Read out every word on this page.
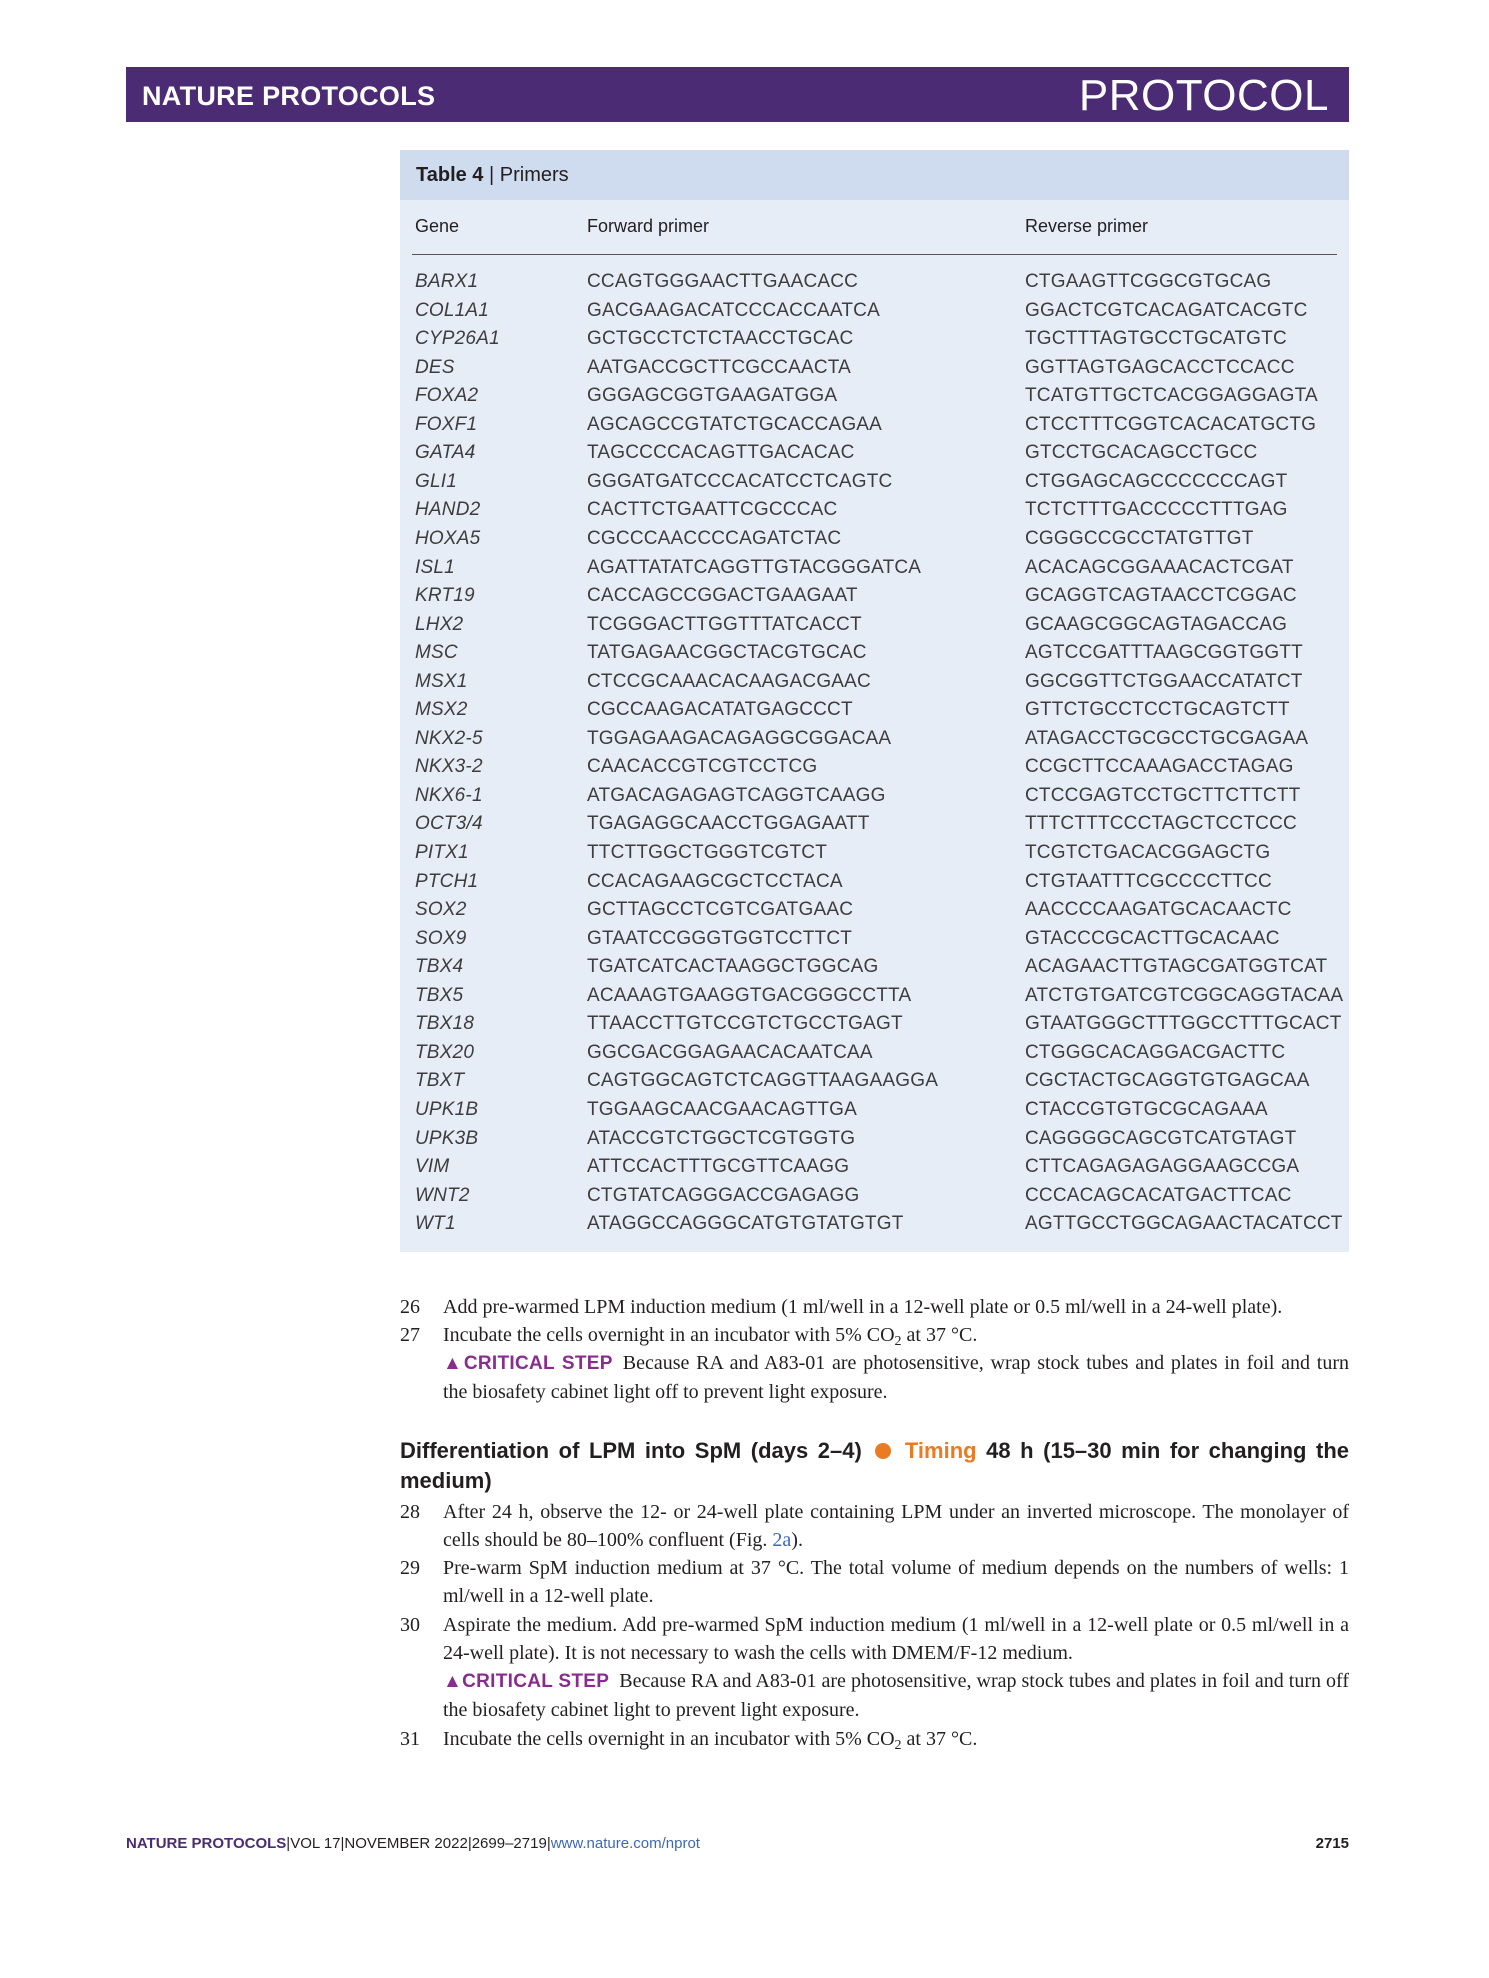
NATURE PROTOCOLS	PROTOCOL
Table 4 | Primers
Gene	Forward primer	Reverse primer
BARX1	CCAGTGGGAACTTGAACACC	CTGAAGTTCGGCGTGCAG
COL1A1	GACGAAGACATCCCACCAATCA	GGACTCGTCACAGATCACGTC
CYP26A1	GCTGCCTCTCTAACCTGCAC	TGCTTTAGTGCCTGCATGTC
DES	AATGACCGCTTCGCCAACTA	GGTTAGTGAGCACCTCCACC
FOXA2	GGGAGCGGTGAAGATGGA	TCATGTTGCTCACGGAGGAGTA
FOXF1	AGCAGCCGTATCTGCACCAGAA	CTCCTTTCGGTCACACATGCTG
GATA4	TAGCCCCACAGTTGACACAC	GTCCTGCACAGCCTGCC
GLI1	GGGATGATCCCACATCCTCAGTC	CTGGAGCAGCCCCCCCAGT
HAND2	CACTTCTGAATTCGCCCAC	TCTCTTTGACCCCCTTTGAG
HOXA5	CGCCCAACCCCAGATCTAC	CGGGCCGCCTATGTTGT
ISL1	AGATTATATCAGGTTGTACGGGATCA	ACACAGCGGAAACACTCGAT
KRT19	CACCAGCCGGACTGAAGAAT	GCAGGTCAGTAACCTCGGAC
LHX2	TCGGGACTTGGTTTATCACCT	GCAAGCGGCAGTAGACCAG
MSC	TATGAGAACGGCTACGTGCAC	AGTCCGATTTAAGCGGTGGTT
MSX1	CTCCGCAAACACAAGACGAAC	GGCGGTTCTGGAACCATATCT
MSX2	CGCCAAGACATATGAGCCCT	GTTCTGCCTCCTGCAGTCTT
NKX2-5	TGGAGAAGACAGAGGCGGACAA	ATAGACCTGCGCCTGCGAGAA
NKX3-2	CAACACCGTCGTCCTCG	CCGCTTCCAAAGACCTAGAG
NKX6-1	ATGACAGAGAGTCAGGTCAAGG	CTCCGAGTCCTGCTTCTTCTT
OCT3/4	TGAGAGGCAACCTGGAGAATT	TTTCTTTCCCTAGCTCCTCCC
PITX1	TTCTTGGCTGGGTCGTCT	TCGTCTGACACGGAGCTG
PTCH1	CCACAGAAGCGCTCCTACA	CTGTAATTTCGCCCCTTCC
SOX2	GCTTAGCCTCGTCGATGAAC	AACCCCAAGATGCACAACTC
SOX9	GTAATCCGGGTGGTCCTTCT	GTACCCGCACTTGCACAAC
TBX4	TGATCATCACTAAGGCTGGCAG	ACAGAACTTGTAGCGATGGTCAT
TBX5	ACAAAGTGAAGGTGACGGGCCTTA	ATCTGTGATCGTCGGCAGGTACAA
TBX18	TTAACCTTGTCCGTCTGCCTGAGT	GTAATGGGCTTTGGCCTTTGCACT
TBX20	GGCGACGGAGAACACAATCAA	CTGGGCACAGGACGACTTC
TBXT	CAGTGGCAGTCTCAGGTTAAGAAGGA	CGCTACTGCAGGTGTGAGCAA
UPK1B	TGGAAGCAACGAACAGTTGA	CTACCGTGTGCGCAGAAA
UPK3B	ATACCGTCTGGCTCGTGGTG	CAGGGGCAGCGTCATGTAGT
VIM	ATTCCACTTTGCGTTCAAGG	CTTCAGAGAGAGGAAGCCGA
WNT2	CTGTATCAGGGACCGAGAGG	CCCACAGCACATGACTTCAC
WT1	ATAGGCCAGGGCATGTGTATGTGT	AGTTGCCTGGCAGAACTACATCCT
26 Add pre-warmed LPM induction medium (1 ml/well in a 12-well plate or 0.5 ml/well in a 24-well plate).
27 Incubate the cells overnight in an incubator with 5% $CO_2$ at 37 °C.
▲CRITICAL STEP Because RA and A83-01 are photosensitive, wrap stock tubes and plates in foil and turn the biosafety cabinet light off to prevent light exposure.
Differentiation of LPM into SpM (days 2–4) Timing 48 h (15–30 min for changing the medium)
28 After 24 h, observe the 12- or 24-well plate containing LPM under an inverted microscope. The monolayer of cells should be 80–100% confluent (Fig. 2a).
29 Pre-warm SpM induction medium at 37 °C. The total volume of medium depends on the numbers of wells: 1 ml/well in a 12-well plate.
30 Aspirate the medium. Add pre-warmed SpM induction medium (1 ml/well in a 12-well plate or 0.5 ml/well in a 24-well plate). It is not necessary to wash the cells with DMEM/F-12 medium.
▲CRITICAL STEP Because RA and A83-01 are photosensitive, wrap stock tubes and plates in foil and turn off the biosafety cabinet light to prevent light exposure.
31 Incubate the cells overnight in an incubator with 5% $CO_2$ at 37 °C.
NATURE PROTOCOLS|VOL 17|NOVEMBER 2022|2699–2719|www.nature.com/nprot	2715
